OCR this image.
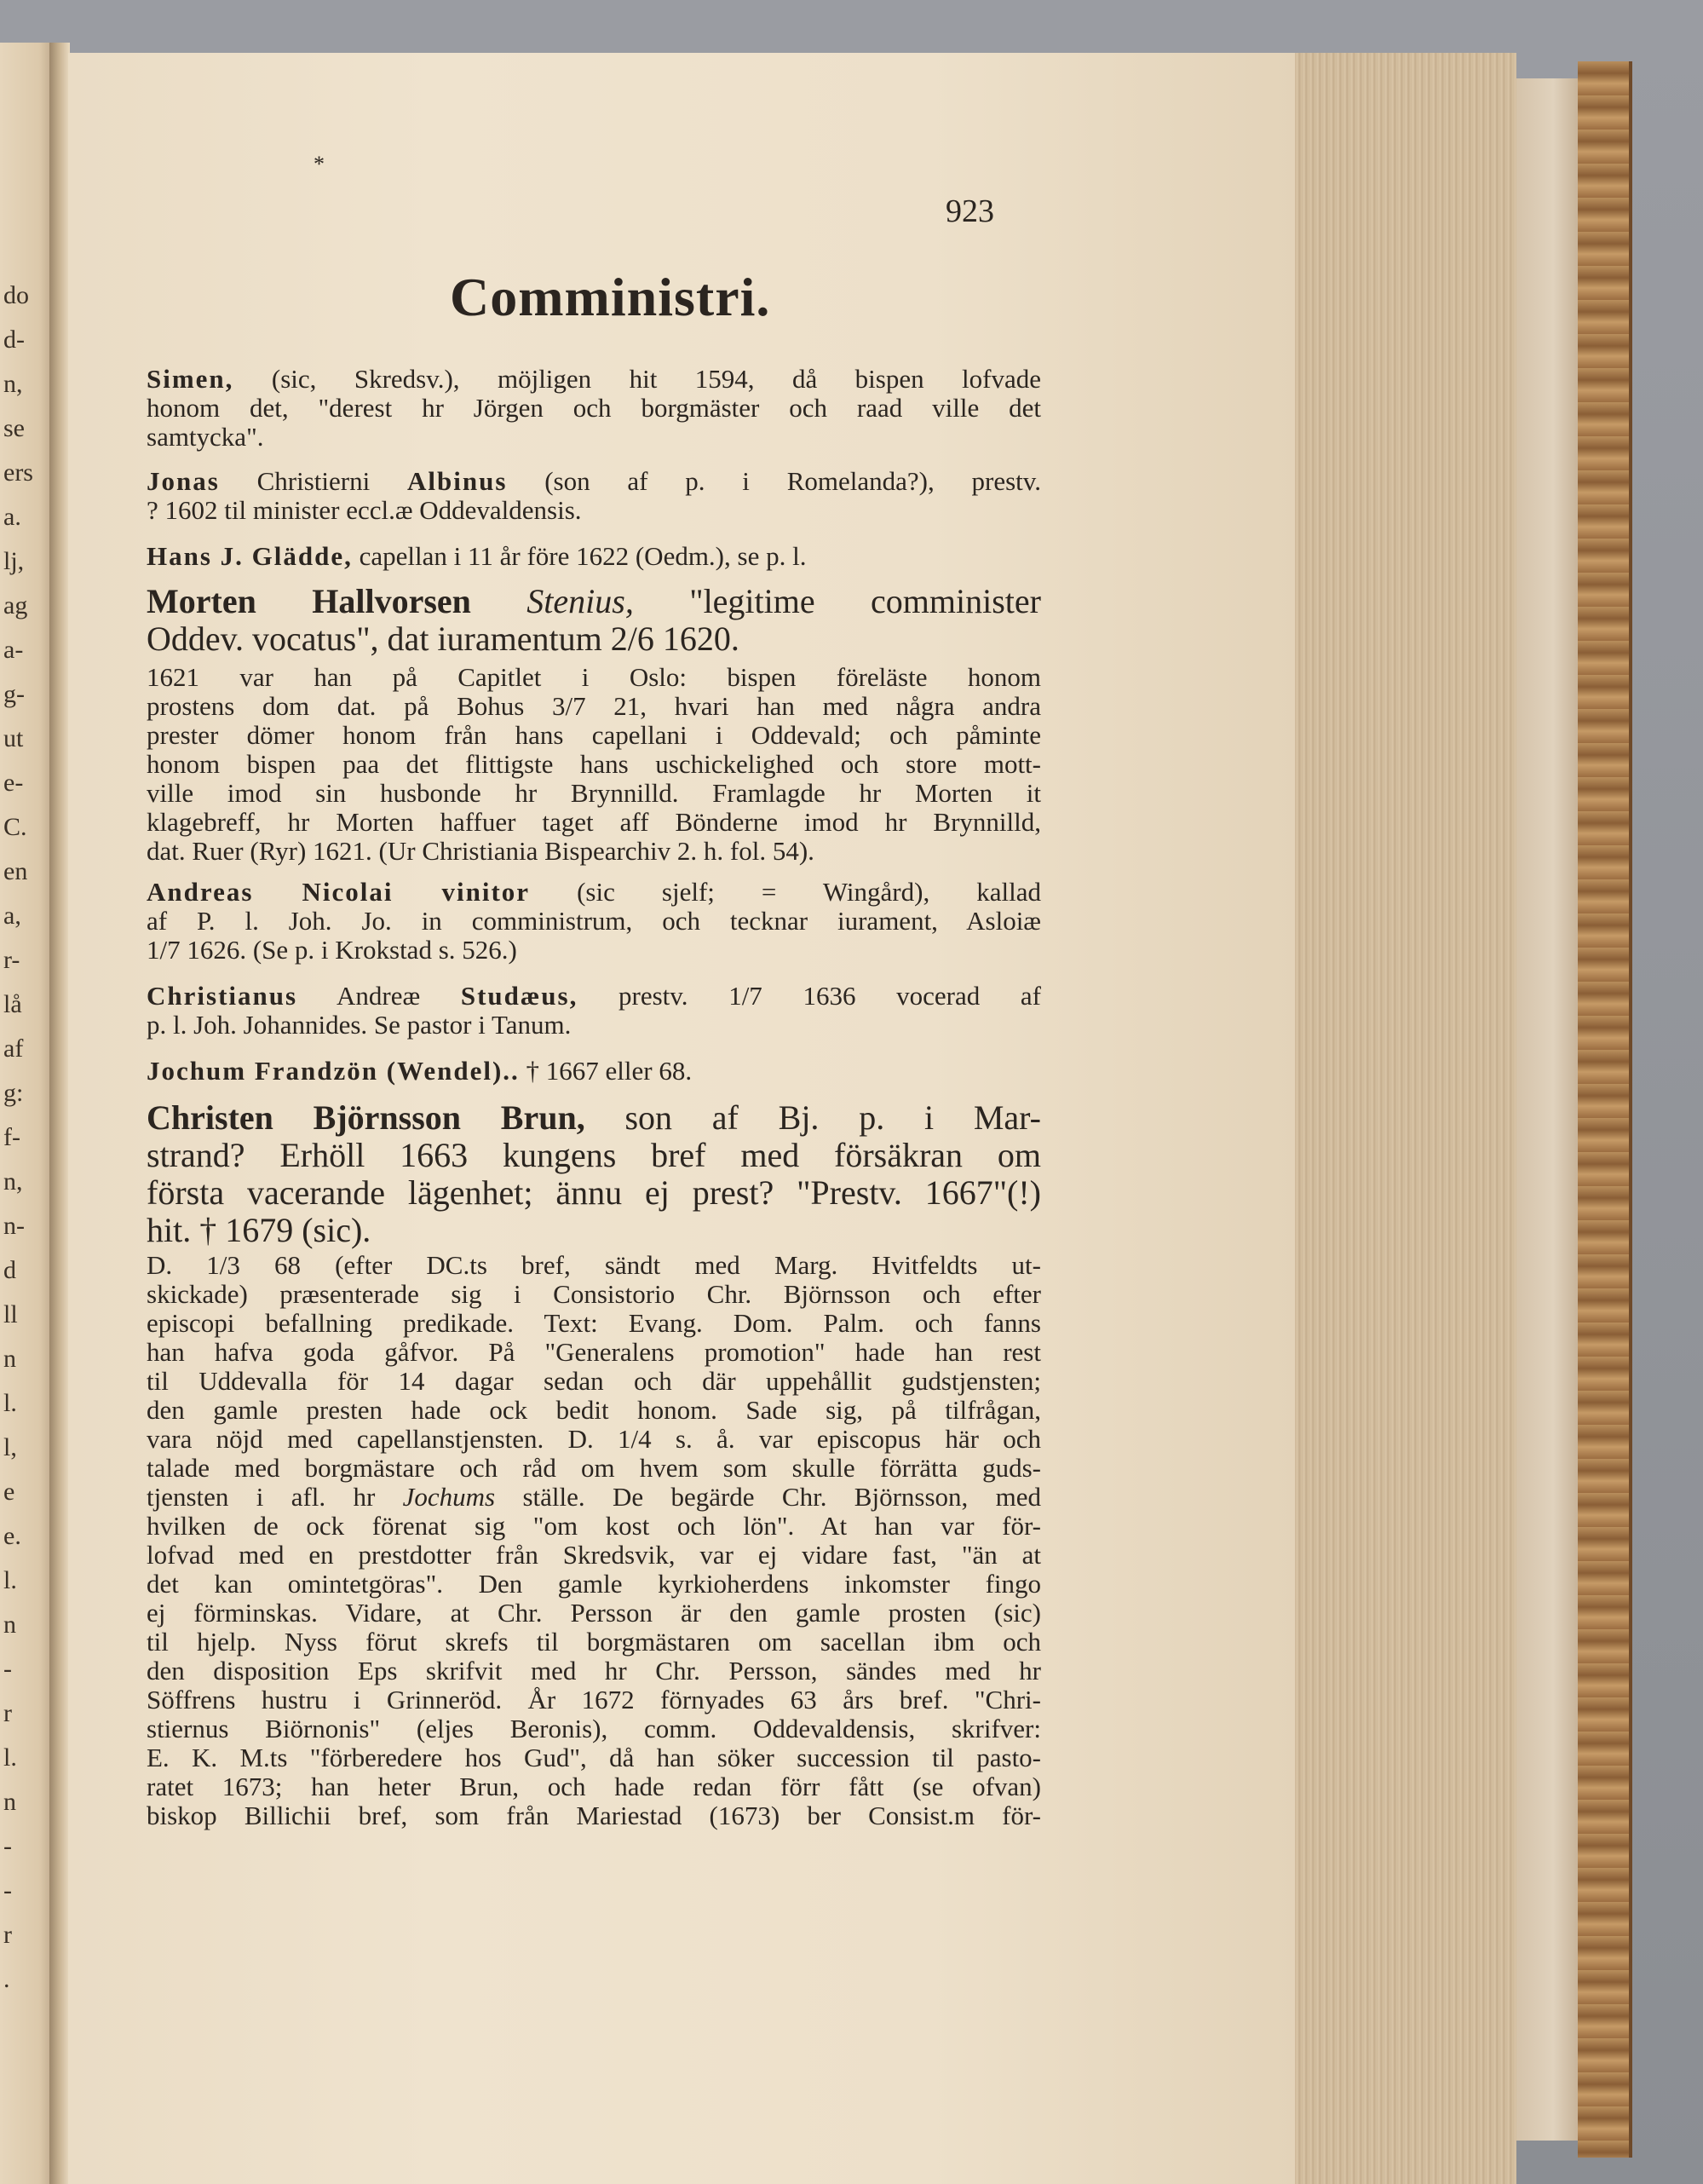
do
d-
n,
se
ers
a.
lj,
ag
a-
g-
ut
e-
C.
en
a,
r-
lå
af
g:
f-
n,
n-
d
ll
n
l.
l,
e
e.
l.
n
-
r
l.
n
-
-
r
.
*
923
Comministri.
Simen, (sic, Skredsv.), möjligen hit 1594, då bispen lofvade
honom det, "derest hr Jörgen och borgmäster och raad ville det
samtycka".
Jonas Christierni Albinus (son af p. i Romelanda?), prestv.
? 1602 til minister eccl.æ Oddevaldensis.
Hans J. Glädde, capellan i 11 år före 1622 (Oedm.), se p. l.
Morten Hallvorsen Stenius, "legitime comminister
Oddev. vocatus", dat iuramentum 2/6 1620.
1621 var han på Capitlet i Oslo: bispen föreläste honom
prostens dom dat. på Bohus 3/7 21, hvari han med några andra
prester dömer honom från hans capellani i Oddevald; och påminte
honom bispen paa det flittigste hans uschickelighed och store mott-
ville imod sin husbonde hr Brynnilld. Framlagde hr Morten it
klagebreff, hr Morten haffuer taget aff Bönderne imod hr Brynnilld,
dat. Ruer (Ryr) 1621. (Ur Christiania Bispearchiv 2. h. fol. 54).
Andreas Nicolai vinitor (sic sjelf; = Wingård), kallad
af P. l. Joh. Jo. in comministrum, och tecknar iurament, Asloiæ
1/7 1626. (Se p. i Krokstad s. 526.)
Christianus Andreæ Studæus, prestv. 1/7 1636 vocerad af
p. l. Joh. Johannides. Se pastor i Tanum.
Jochum Frandzön (Wendel).. † 1667 eller 68.
Christen Björnsson Brun, son af Bj. p. i Mar-
strand? Erhöll 1663 kungens bref med försäkran om
första vacerande lägenhet; ännu ej prest? "Prestv. 1667"(!)
hit. † 1679 (sic).
D. 1/3 68 (efter DC.ts bref, sändt med Marg. Hvitfeldts ut-
skickade) præsenterade sig i Consistorio Chr. Björnsson och efter
episcopi befallning predikade. Text: Evang. Dom. Palm. och fanns
han hafva goda gåfvor. På "Generalens promotion" hade han rest
til Uddevalla för 14 dagar sedan och där uppehållit gudstjensten;
den gamle presten hade ock bedit honom. Sade sig, på tilfrågan,
vara nöjd med capellanstjensten. D. 1/4 s. å. var episcopus här och
talade med borgmästare och råd om hvem som skulle förrätta guds-
tjensten i afl. hr Jochums ställe. De begärde Chr. Björnsson, med
hvilken de ock förenat sig "om kost och lön". At han var för-
lofvad med en prestdotter från Skredsvik, var ej vidare fast, "än at
det kan omintetgöras". Den gamle kyrkioherdens inkomster fingo
ej förminskas. Vidare, at Chr. Persson är den gamle prosten (sic)
til hjelp. Nyss förut skrefs til borgmästaren om sacellan ibm och
den disposition Eps skrifvit med hr Chr. Persson, sändes med hr
Söffrens hustru i Grinneröd. År 1672 förnyades 63 års bref. "Chri-
stiernus Biörnonis" (eljes Beronis), comm. Oddevaldensis, skrifver:
E. K. M.ts "förberedere hos Gud", då han söker succession til pasto-
ratet 1673; han heter Brun, och hade redan förr fått (se ofvan)
biskop Billichii bref, som från Mariestad (1673) ber Consist.m för-
